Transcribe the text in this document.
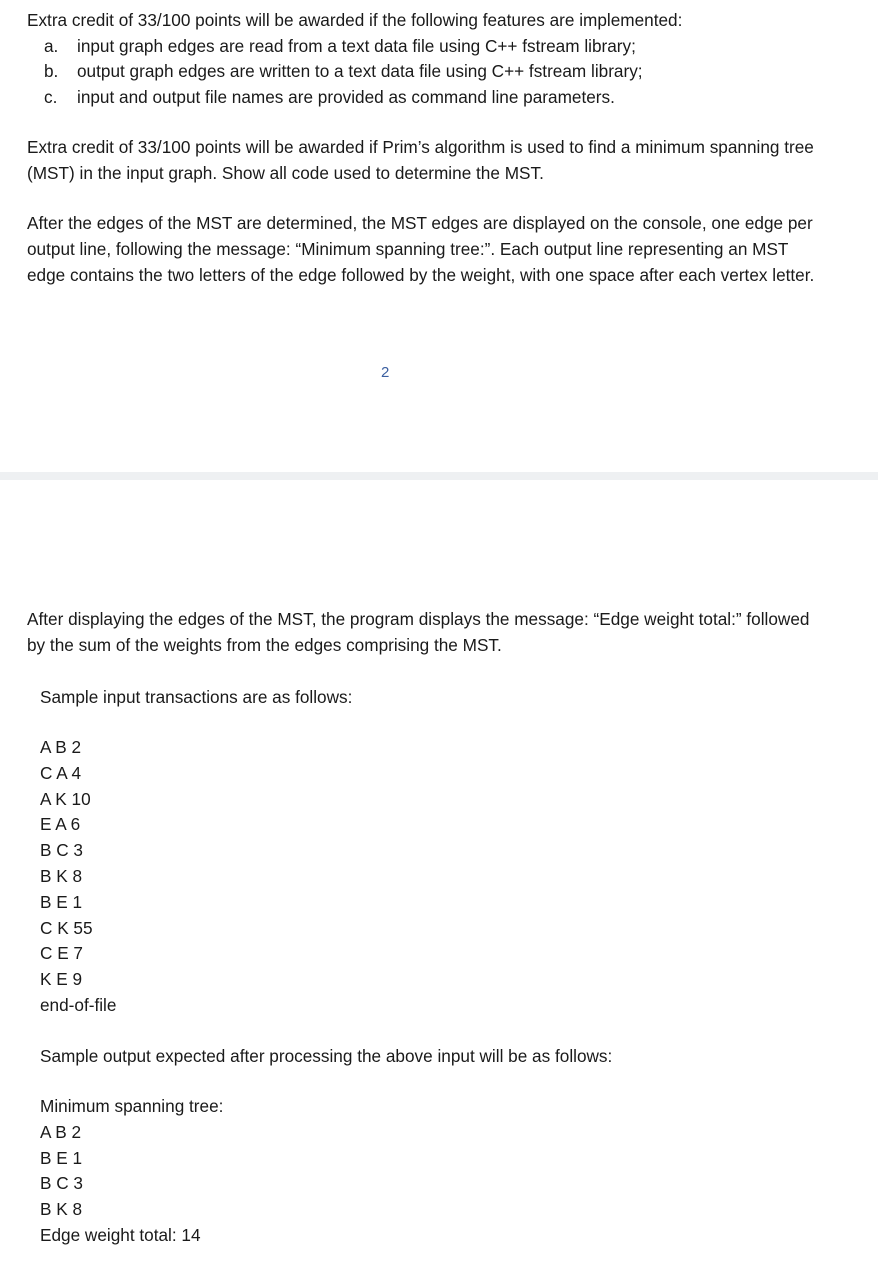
Extra credit of 33/100 points will be awarded if the following features are implemented:
a. input graph edges are read from a text data file using C++ fstream library;
b. output graph edges are written to a text data file using C++ fstream library;
c. input and output file names are provided as command line parameters.

Extra credit of 33/100 points will be awarded if Prim’s algorithm is used to find a minimum spanning tree (MST) in the input graph. Show all code used to determine the MST.

After the edges of the MST are determined, the MST edges are displayed on the console, one edge per output line, following the message: “Minimum spanning tree:”. Each output line representing an MST edge contains the two letters of the edge followed by the weight, with one space after each vertex letter.

2

After displaying the edges of the MST, the program displays the message: “Edge weight total:” followed by the sum of the weights from the edges comprising the MST.

Sample input transactions are as follows:

A B 2
C A 4
A K 10
E A 6
B C 3
B K 8
B E 1
C K 55
C E 7
K E 9
end-of-file

Sample output expected after processing the above input will be as follows:

Minimum spanning tree:
A B 2
B E 1
B C 3
B K 8
Edge weight total: 14
